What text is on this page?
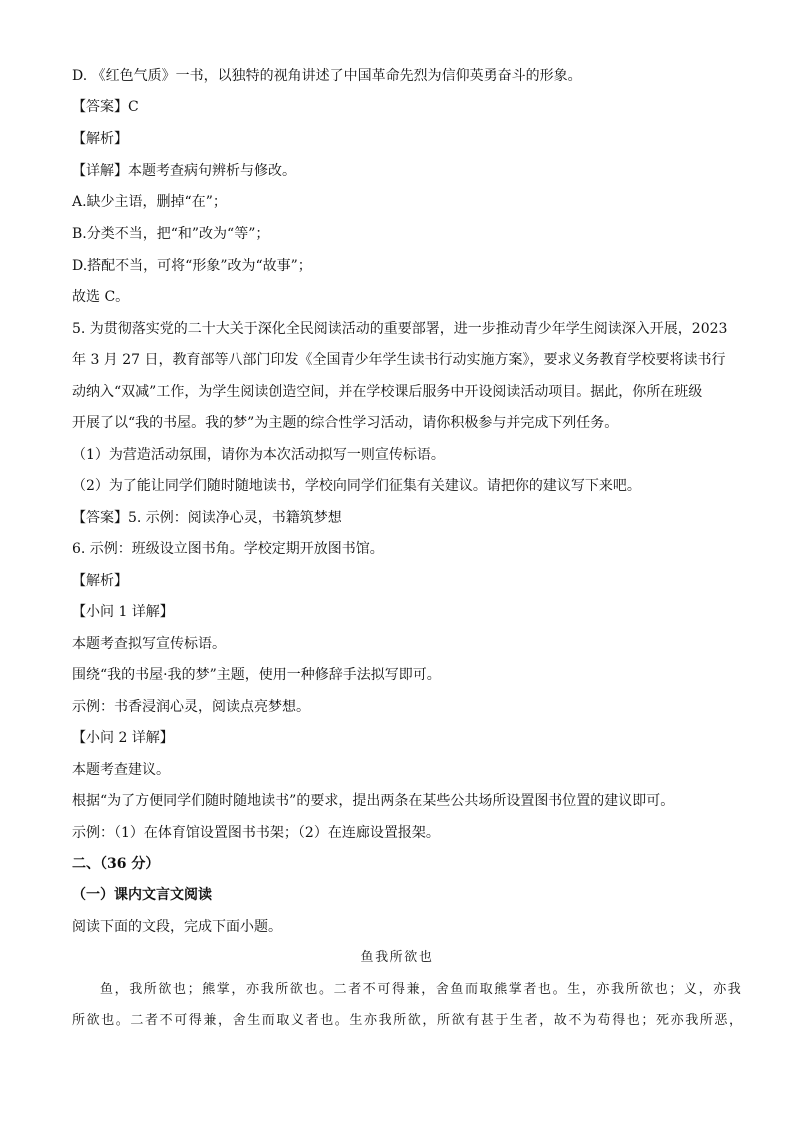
D. 《红色气质》一书，以独特的视角讲述了中国革命先烈为信仰英勇奋斗的形象。
【答案】C
【解析】
【详解】本题考查病句辨析与修改。
A.缺少主语，删掉“在”；
B.分类不当，把“和”改为“等”；
D.搭配不当，可将“形象”改为“故事”；
故选 C。
5. 为贯彻落实党的二十大关于深化全民阅读活动的重要部署，进一步推动青少年学生阅读深入开展，2023
年 3 月 27 日，教育部等八部门印发《全国青少年学生读书行动实施方案》，要求义务教育学校要将读书行
动纳入“双减”工作，为学生阅读创造空间，并在学校课后服务中开设阅读活动项目。据此，你所在班级
开展了以“我的书屋。我的梦”为主题的综合性学习活动，请你积极参与并完成下列任务。
（1）为营造活动氛围，请你为本次活动拟写一则宣传标语。
（2）为了能让同学们随时随地读书，学校向同学们征集有关建议。请把你的建议写下来吧。
【答案】5. 示例：阅读净心灵，书籍筑梦想
6. 示例：班级设立图书角。学校定期开放图书馆。
【解析】
【小问 1 详解】
本题考查拟写宣传标语。
围绕“我的书屋·我的梦”主题，使用一种修辞手法拟写即可。
示例：书香浸润心灵，阅读点亮梦想。
【小问 2 详解】
本题考查建议。
根据“为了方便同学们随时随地读书”的要求，提出两条在某些公共场所设置图书位置的建议即可。
示例：（1）在体育馆设置图书书架；（2）在连廊设置报架。
二、（36 分）
（一）课内文言文阅读
阅读下面的文段，完成下面小题。
鱼我所欲也
鱼，我所欲也；熊掌，亦我所欲也。二者不可得兼，舍鱼而取熊掌者也。生，亦我所欲也；义，亦我
所欲也。二者不可得兼，舍生而取义者也。生亦我所欲，所欲有甚于生者，故不为苟得也；死亦我所恶，
